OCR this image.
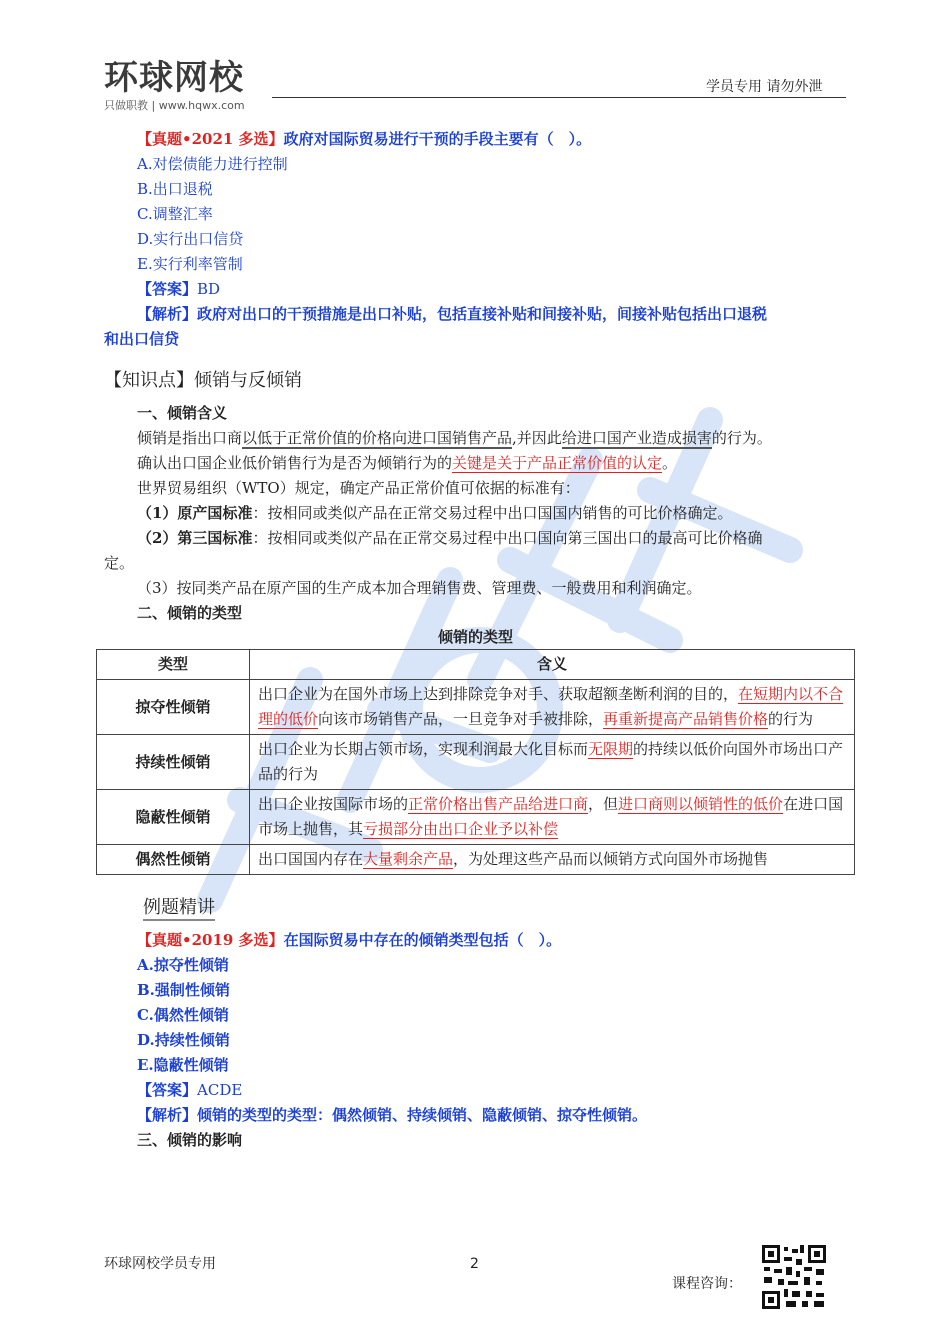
环球网校
只做职教 | www.hqwx.com
学员专用 请勿外泄
【真题•2021 多选】政府对国际贸易进行干预的手段主要有（　）。
A.对偿债能力进行控制
B.出口退税
C.调整汇率
D.实行出口信贷
E.实行利率管制
【答案】BD
【解析】政府对出口的干预措施是出口补贴，包括直接补贴和间接补贴，间接补贴包括出口退税
和出口信贷
【知识点】倾销与反倾销
一、倾销含义
倾销是指出口商以低于正常价值的价格向进口国销售产品,并因此给进口国产业造成损害的行为。
确认出口国企业低价销售行为是否为倾销行为的关键是关于产品正常价值的认定。
世界贸易组织（WTO）规定，确定产品正常价值可依据的标准有：
（1）原产国标准：按相同或类似产品在正常交易过程中出口国国内销售的可比价格确定。
（2）第三国标准：按相同或类似产品在正常交易过程中出口国向第三国出口的最高可比价格确
定。
（3）按同类产品在原产国的生产成本加合理销售费、管理费、一般费用和利润确定。
二、倾销的类型
倾销的类型
类型	含义
掠夺性倾销	出口企业为在国外市场上达到排除竞争对手、获取超额垄断利润的目的，在短期内以不合理的低价向该市场销售产品，一旦竞争对手被排除，再重新提高产品销售价格的行为
持续性倾销	出口企业为长期占领市场，实现利润最大化目标而无限期的持续以低价向国外市场出口产品的行为
隐蔽性倾销	出口企业按国际市场的正常价格出售产品给进口商，但进口商则以倾销性的低价在进口国市场上抛售，其亏损部分由出口企业予以补偿
偶然性倾销	出口国国内存在大量剩余产品，为处理这些产品而以倾销方式向国外市场抛售
例题精讲
【真题•2019 多选】在国际贸易中存在的倾销类型包括（　）。
A.掠夺性倾销
B.强制性倾销
C.偶然性倾销
D.持续性倾销
E.隐蔽性倾销
【答案】ACDE
【解析】倾销的类型的类型：偶然倾销、持续倾销、隐蔽倾销、掠夺性倾销。
三、倾销的影响
环球网校学员专用	2
课程咨询：
